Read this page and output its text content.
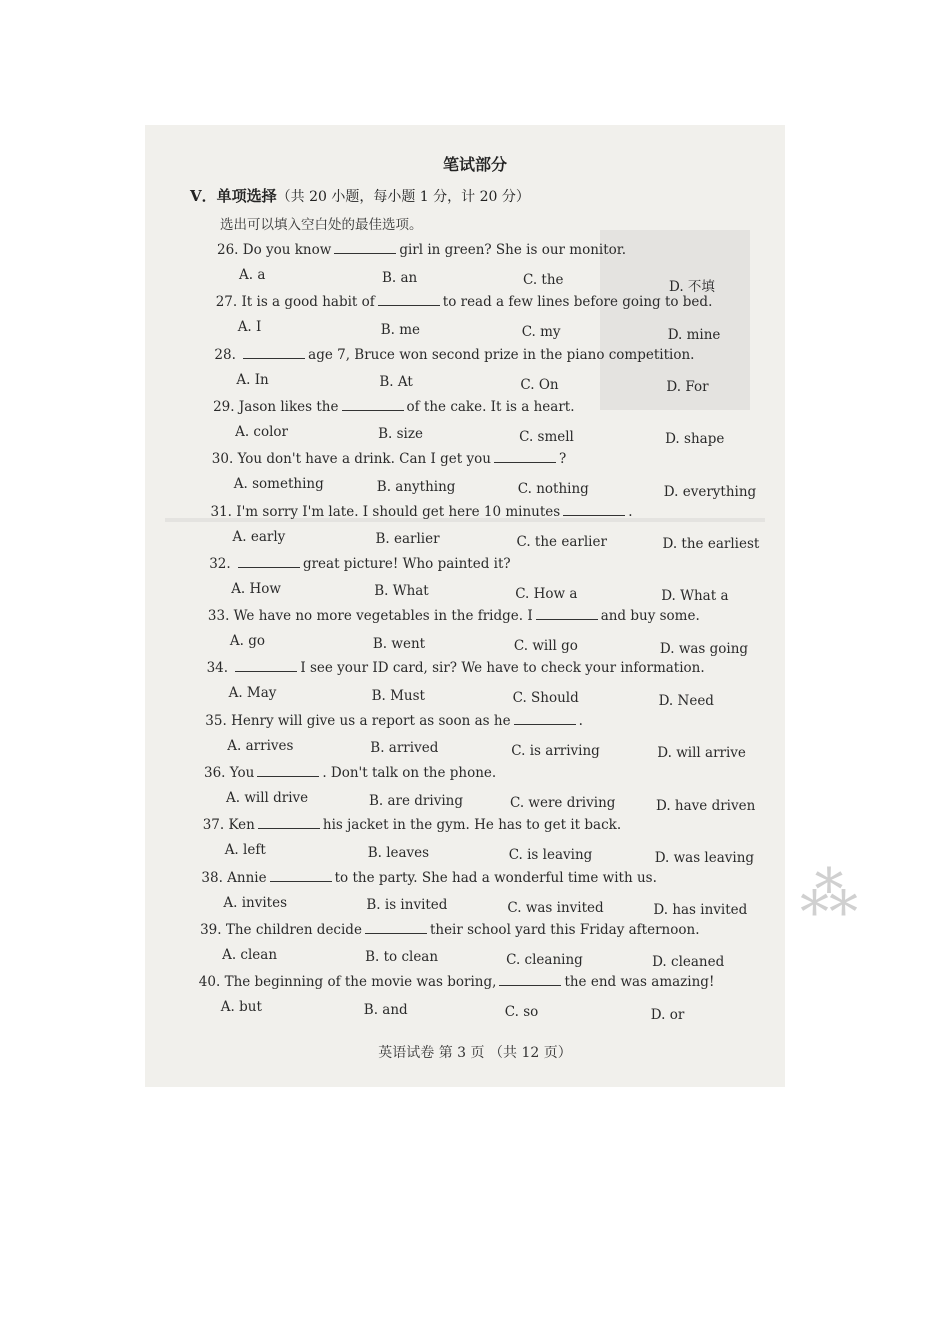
笔试部分
V．单项选择（共 20 小题，每小题 1 分，计 20 分）
选出可以填入空白处的最佳选项。
26. Do you know	girl in green? She is our monitor.
A. a	B. an	C. the	D. 不填
27. It is a good habit of	to read a few lines before going to bed.
A. I	B. me	C. my	D. mine
28.	age 7, Bruce won second prize in the piano competition.
A. In	B. At	C. On	D. For
29. Jason likes the	of the cake. It is a heart.
A. color	B. size	C. smell	D. shape
30. You don't have a drink. Can I get you	?
A. something	B. anything	C. nothing	D. everything
31. I'm sorry I'm late. I should get here 10 minutes	.
A. early	B. earlier	C. the earlier	D. the earliest
32.	great picture! Who painted it?
A. How	B. What	C. How a	D. What a
33. We have no more vegetables in the fridge. I	and buy some.
A. go	B. went	C. will go	D. was going
34.	I see your ID card, sir? We have to check your information.
A. May	B. Must	C. Should	D. Need
35. Henry will give us a report as soon as he	.
A. arrives	B. arrived	C. is arriving	D. will arrive
36. You	. Don't talk on the phone.
A. will drive	B. are driving	C. were driving	D. have driven
37. Ken	his jacket in the gym. He has to get it back.
A. left	B. leaves	C. is leaving	D. was leaving
38. Annie	to the party. She had a wonderful time with us.
A. invites	B. is invited	C. was invited	D. has invited
39. The children decide	their school yard this Friday afternoon.
A. clean	B. to clean	C. cleaning	D. cleaned
40. The beginning of the movie was boring,	the end was amazing!
A. but	B. and	C. so	D. or
英语试卷 第 3 页 （共 12 页）
⁂
